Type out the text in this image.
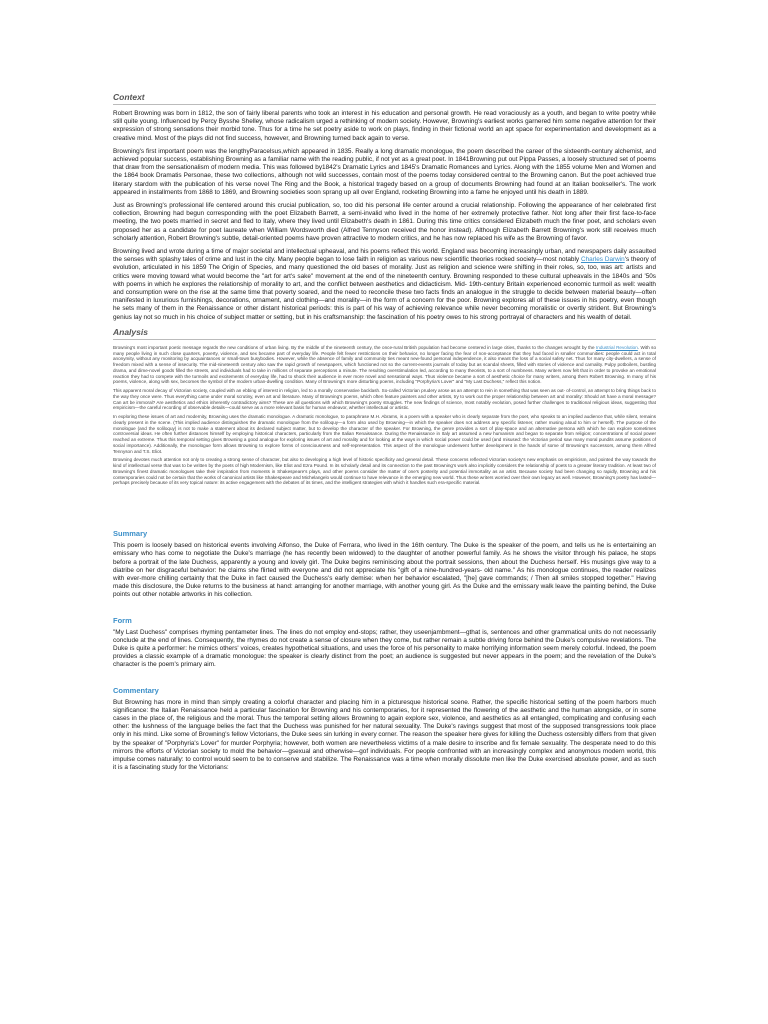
Context

Robert Browning was born in 1812, the son of fairly liberal parents who took an interest in his education and personal growth. He read voraciously as a youth, and began to write poetry while still quite young. Influenced by Percy Bysshe Shelley, whose radicalism urged a rethinking of modern society. However, Browning's earliest works garnered him some negative attention for their expression of strong sensations their morbid tone. Thus for a time he set poetry aside to work on plays, finding in their fictional world an apt space for experimentation and development as a creative mind. Most of the plays did not find success, however, and Browning turned back again to verse.

Browning's first important poem was the lengthyParacelsus,which appeared in 1835. Really a long dramatic monologue, the poem described the career of the sixteenth-century alchemist, and achieved popular success, establishing Browning as a familiar name with the reading public, if not yet as a great poet. In 1841Browning put out Pippa Passes, a loosely structured set of poems that draw from the sensationalism of modern media. This was followed by1842's Dramatic Lyrics and 1845's Dramatic Romances and Lyrics. Along with the 1855 volume Men and Women and the 1864 book Dramatis Personae, these two collections, although not wild successes, contain most of the poems today considered central to the Browning canon. But the poet achieved true literary stardom with the publication of his verse novel The Ring and the Book, a historical tragedy based on a group of documents Browning had found at an Italian bookseller's. The work appeared in installments from 1868 to 1869, and Browning societies soon sprang up all over England, rocketing Browning into a fame he enjoyed until his death in 1889.

Just as Browning's professional life centered around this crucial publication, so, too did his personal life center around a crucial relationship. Following the appearance of her celebrated first collection, Browning had begun corresponding with the poet Elizabeth Barrett, a semi-invalid who lived in the home of her extremely protective father. Not long after their first face-to-face meeting, the two poets married in secret and fled to Italy, where they lived until Elizabeth's death in 1861. During this time critics considered Elizabeth much the finer poet, and scholars even proposed her as a candidate for poet laureate when William Wordsworth died (Alfred Tennyson received the honor instead). Although Elizabeth Barrett Browning's work still receives much scholarly attention, Robert Browning's subtle, detail-oriented poems have proven attractive to modern critics, and he has now replaced his wife as the Browning of favor.

Browning lived and wrote during a time of major societal and intellectual upheaval, and his poems reflect this world. England was becoming increasingly urban, and newspapers daily assaulted the senses with splashy tales of crime and lust in the city. Many people began to lose faith in religion as various new scientific theories rocked society—most notably Charles Darwin's theory of evolution, articulated in his 1859 The Origin of Species, and many questioned the old bases of morality. Just as religion and science were shifting in their roles, so, too, was art: artists and critics were moving toward what would become the "art for art's sake" movement at the end of the nineteenth century. Browning responded to these cultural upheavals in the 1840s and '50s with poems in which he explores the relationship of morality to art, and the conflict between aesthetics and didacticism. Mid- 19th-century Britain experienced economic turmoil as well: wealth and consumption were on the rise at the same time that poverty soared, and the need to reconcile these two facts finds an analogue in the struggle to decide between material beauty—often manifested in luxurious furnishings, decorations, ornament, and clothing—and morality—in the form of a concern for the poor. Browning explores all of these issues in his poetry, even though he sets many of them in the Renaissance or other distant historical periods: this is part of his way of achieving relevance while never becoming moralistic or overtly strident. But Browning's genius lay not so much in his choice of subject matter or setting, but in his craftsmanship: the fascination of his poetry owes to his strong portrayal of characters and his wealth of detail.

Analysis

Browning's most important poetic message regards the new conditions of urban living. By the middle of the nineteenth century, the once-rural British population had become centered in large cities, thanks to the changes wrought by the Industrial Revolution. With so many people living in such close quarters, poverty, violence, and sex became part of everyday life. People felt fewer restrictions on their behavior, no longer facing the fear of non-acceptance that they had faced in smaller communities: people could act in total anonymity, without any monitoring by acquaintances or small-town busybodies. However, while the absence of family and community ties meant new-found personal independence, it also meant the loss of a social safety net. Thus for many city-dwellers, a sense of freedom mixed with a sense of insecurity. The mid-nineteenth century also saw the rapid growth of newspapers, which functioned not so the current-events journals of today but as scandal sheets, filled with stories of violence and carnality. Pulpy potboilers, bustling drama, and dime-novel goods filled the streets, and individuals had to take in millions of separate perceptions a minute. The resulting overstimulation led, according to many theorists, to a sort of numbness. Many writers now felt that in order to provoke an emotional reaction they had to compete with the turmoils and excitements of everyday life, had to shock their audience in ever more novel and sensational ways. Thus violence became a sort of aesthetic choice for many writers, among them Robert Browning. In many of his poems, violence, along with sex, becomes the symbol of the modern urban-dwelling condition. Many of Browning's more disturbing poems, including "Porphyria's Lover" and "My Last Duchess," reflect this notion.

This apparent moral decay of Victorian society, coupled with an ebbing of interest in religion, led to a morally conservative backlash. So-called Victorian prudery arose as an attempt to rein in something that was seen as out- of-control, an attempt to bring things back to the way they once were. Thus everything came under moral scrutiny, even art and literature. Many of Browning's poems, which often feature painters and other artists, try to work out the proper relationship between art and morality: Should art have a moral message? Can art be immoral? Are aesthetics and ethics inherently contradictory aims? These are all questions with which Browning's poetry struggles. The new findings of science, most notably evolution, posed further challenges to traditional religious ideas, suggesting that empiricism—the careful recording of observable details—could serve as a more relevant basis for human endeavor, whether intellectual or artistic.

In exploring these issues of art and modernity, Browning uses the dramatic monologue. A dramatic monologue, to paraphrase M.H. Abrams, is a poem with a speaker who is clearly separate from the poet, who speaks to an implied audience that, while silent, remains clearly present in the scene. (This implied audience distinguishes the dramatic monologue from the soliloquy—a form also used by Browning—in which the speaker does not address any specific listener, rather musing aloud to him or herself). The purpose of the monologue (and the soliloquy) is not to make a statement about its declared subject matter, but to develop the character of the speaker. For Browning, the genre provides a sort of play-space and an alternative persona with which he can explore sometimes controversial ideas. He often further distances himself by employing historical characters, particularly from the Italian Renaissance. During the Renaissance in Italy art assumed a new humanism and began to separate from religion; concentrations of social power reached an extreme. Thus this temporal setting gives Browning a good analogue for exploring issues of art and morality and for looking at the ways in which social power could be used (and misused: the Victorian period saw many moral pundits assume positions of social importance). Additionally, the monologue form allows Browning to explore forms of consciousness and self-representation. This aspect of the monologue underwent further development in the hands of some of Browning's successors, among them Alfred Tennyson and T.S. Eliot.

Browning devotes much attention not only to creating a strong sense of character, but also to developing a high level of historic specificity and general detail. These concerns reflected Victorian society's new emphasis on empiricism, and pointed the way towards the kind of intellectual verse that was to be written by the poets of high Modernism, like Eliot and Ezra Pound. In its scholarly detail and its connection to the past Browning's work also implicitly considers the relationship of poets to a greater literary tradition. At least two of Browning's finest dramatic monologues take their inspiration from moments in Shakespeare's plays, and other poems consider the matter of one's posterity and potential immortality as an artist. Because society had been changing so rapidly, Browning and his contemporaries could not be certain that the works of canonical artists like Shakespeare and Michelangelo would continue to have relevance in the emerging new world. Thus these writers worried over their own legacy as well. However, Browning's poetry has lasted—perhaps precisely because of its very topical nature: its active engagement with the debates of its times, and the intelligent strategies with which it handles such era-specific material.

Summary

This poem is loosely based on historical events involving Alfonso, the Duke of Ferrara, who lived in the 16th century. The Duke is the speaker of the poem, and tells us he is entertaining an emissary who has come to negotiate the Duke's marriage (he has recently been widowed) to the daughter of another powerful family. As he shows the visitor through his palace, he stops before a portrait of the late Duchess, apparently a young and lovely girl. The Duke begins reminiscing about the portrait sessions, then about the Duchess herself. His musings give way to a diatribe on her disgraceful behavior: he claims she flirted with everyone and did not appreciate his "gift of a nine-hundred-years- old name." As his monologue continues, the reader realizes with ever-more chilling certainty that the Duke in fact caused the Duchess's early demise: when her behavior escalated, "[he] gave commands; / Then all smiles stopped together." Having made this disclosure, the Duke returns to the business at hand: arranging for another marriage, with another young girl. As the Duke and the emissary walk leave the painting behind, the Duke points out other notable artworks in his collection.

Form

"My Last Duchess" comprises rhyming pentameter lines. The lines do not employ end-stops; rather, they useenjambment—gthat is, sentences and other grammatical units do not necessarily conclude at the end of lines. Consequently, the rhymes do not create a sense of closure when they come, but rather remain a subtle driving force behind the Duke's compulsive revelations. The Duke is quite a performer: he mimics others' voices, creates hypothetical situations, and uses the force of his personality to make horrifying information seem merely colorful. Indeed, the poem provides a classic example of a dramatic monologue: the speaker is clearly distinct from the poet; an audience is suggested but never appears in the poem; and the revelation of the Duke's character is the poem's primary aim.

Commentary

But Browning has more in mind than simply creating a colorful character and placing him in a picturesque historical scene. Rather, the specific historical setting of the poem harbors much significance: the Italian Renaissance held a particular fascination for Browning and his contemporaries, for it represented the flowering of the aesthetic and the human alongside, or in some cases in the place of, the religious and the moral. Thus the temporal setting allows Browning to again explore sex, violence, and aesthetics as all entangled, complicating and confusing each other: the lushness of the language belies the fact that the Duchess was punished for her natural sexuality. The Duke's ravings suggest that most of the supposed transgressions took place only in his mind. Like some of Browning's fellow Victorians, the Duke sees sin lurking in every corner. The reason the speaker here gives for killing the Duchess ostensibly differs from that given by the speaker of "Porphyria's Lover" for murder Porphyria; however, both women are nevertheless victims of a male desire to inscribe and fix female sexuality. The desperate need to do this mirrors the efforts of Victorian society to mold the behavior—gsexual and otherwise—gof individuals. For people confronted with an increasingly complex and anonymous modern world, this impulse comes naturally: to control would seem to be to conserve and stabilize. The Renaissance was a time when morally dissolute men like the Duke exercised absolute power, and as such it is a fascinating study for the Victorians:
